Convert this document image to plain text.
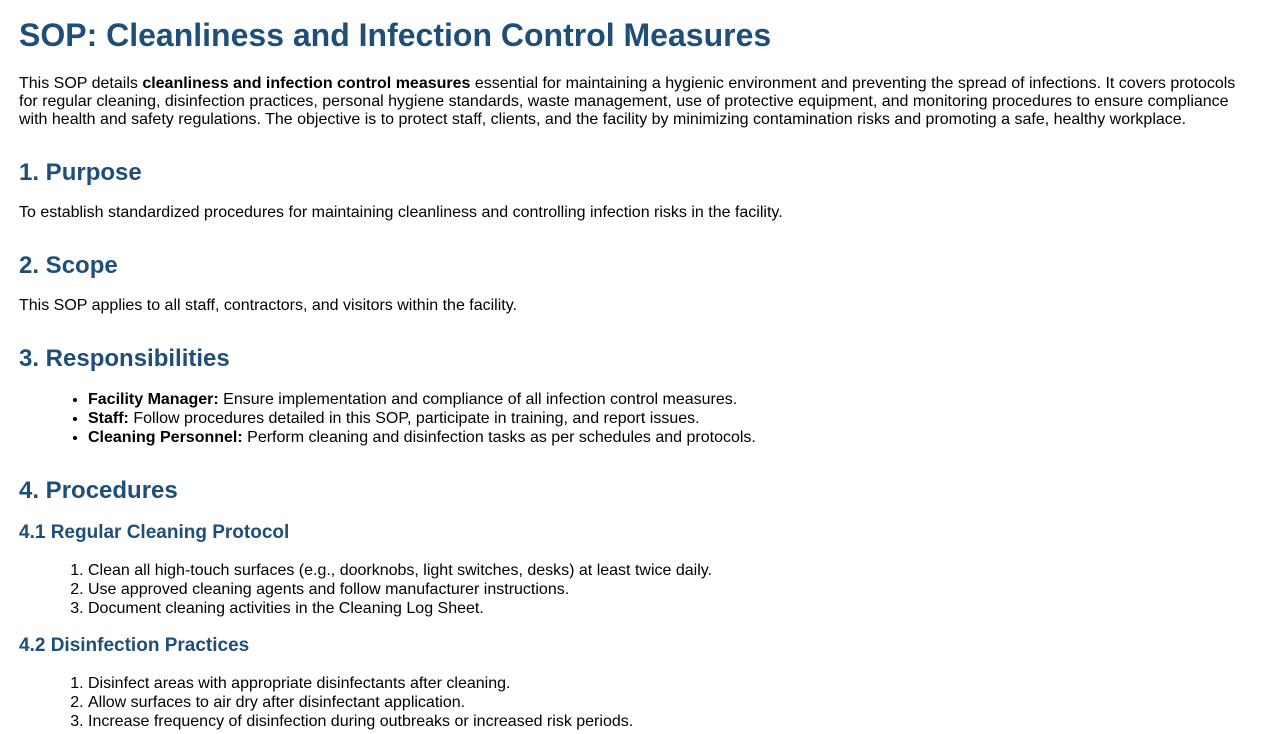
SOP: Cleanliness and Infection Control Measures

This SOP details cleanliness and infection control measures essential for maintaining a hygienic environment and preventing the spread of infections. It covers protocols for regular cleaning, disinfection practices, personal hygiene standards, waste management, use of protective equipment, and monitoring procedures to ensure compliance with health and safety regulations. The objective is to protect staff, clients, and the facility by minimizing contamination risks and promoting a safe, healthy workplace.

1. Purpose

To establish standardized procedures for maintaining cleanliness and controlling infection risks in the facility.

2. Scope

This SOP applies to all staff, contractors, and visitors within the facility.

3. Responsibilities
• Facility Manager: Ensure implementation and compliance of all infection control measures.
• Staff: Follow procedures detailed in this SOP, participate in training, and report issues.
• Cleaning Personnel: Perform cleaning and disinfection tasks as per schedules and protocols.
4. Procedures
4.1 Regular Cleaning Protocol
1. Clean all high-touch surfaces (e.g., doorknobs, light switches, desks) at least twice daily.
2. Use approved cleaning agents and follow manufacturer instructions.
3. Document cleaning activities in the Cleaning Log Sheet.
4.2 Disinfection Practices
1. Disinfect areas with appropriate disinfectants after cleaning.
2. Allow surfaces to air dry after disinfectant application.
3. Increase frequency of disinfection during outbreaks or increased risk periods.
